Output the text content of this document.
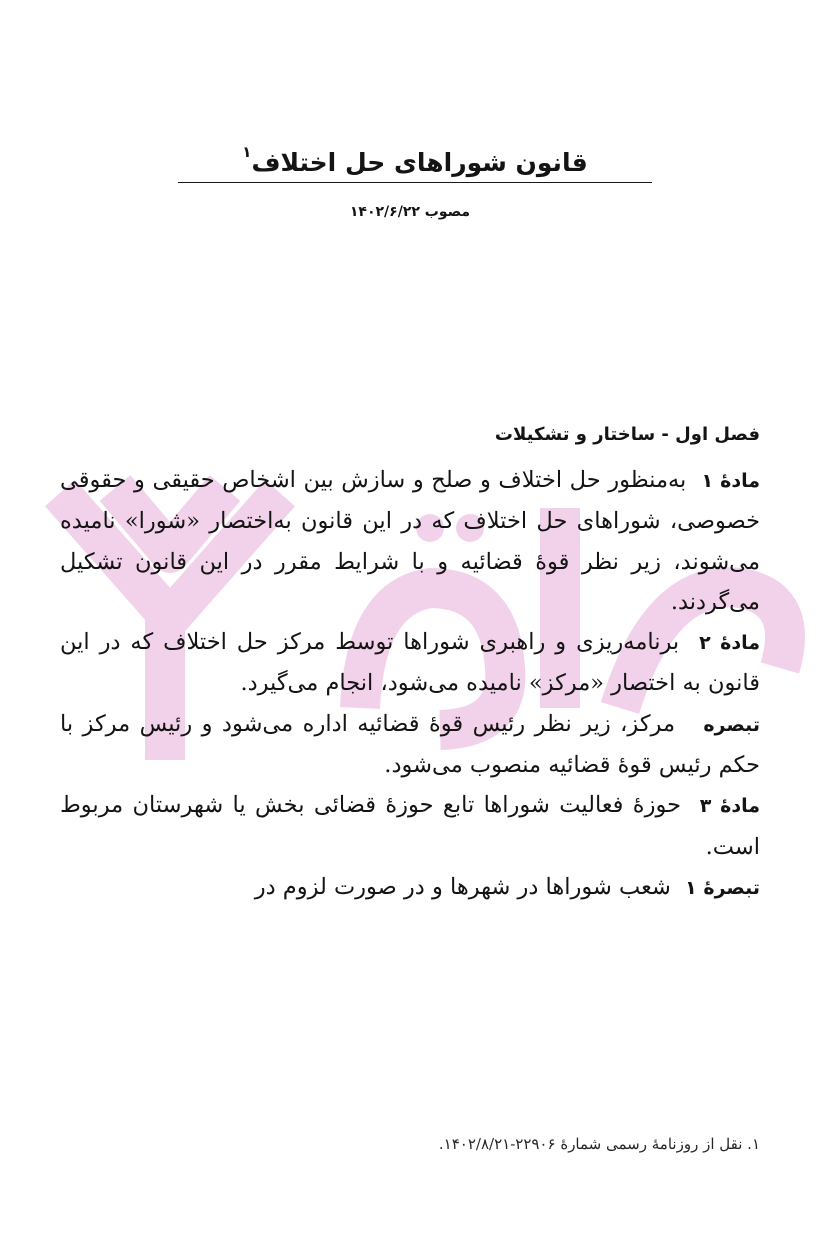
قانون شوراهای حل اختلاف$^۱$
مصوب ۱۴۰۲/۶/۲۲
فصل اول - ساختار و تشکیلات

مادهٔ ۱  به‌منظور حل اختلاف و صلح و سازش بین اشخاص حقیقی و حقوقی خصوصی، شوراهای حل اختلاف که در این قانون به‌اختصار «شورا» نامیده می‌شوند، زیر نظر قوهٔ قضائیه و با شرایط مقرر در این قانون تشکیل می‌گردند.

مادهٔ ۲  برنامه‌ریزی و راهبری شوراها توسط مرکز حل اختلاف که در این قانون به اختصار «مرکز» نامیده می‌شود، انجام می‌گیرد.

تبصره   مرکز، زیر نظر رئیس قوهٔ قضائیه اداره می‌شود و رئیس مرکز با حکم رئیس قوهٔ قضائیه منصوب می‌شود.

مادهٔ ۳  حوزهٔ فعالیت شوراها تابع حوزهٔ قضائی بخش یا شهرستان مربوط است.

تبصرهٔ ۱  شعب شوراها در شهرها و در صورت لزوم در

۱. نقل از روزنامهٔ رسمی شمارهٔ ۲۲۹۰۶-۱۴۰۲/۸/۲۱.
